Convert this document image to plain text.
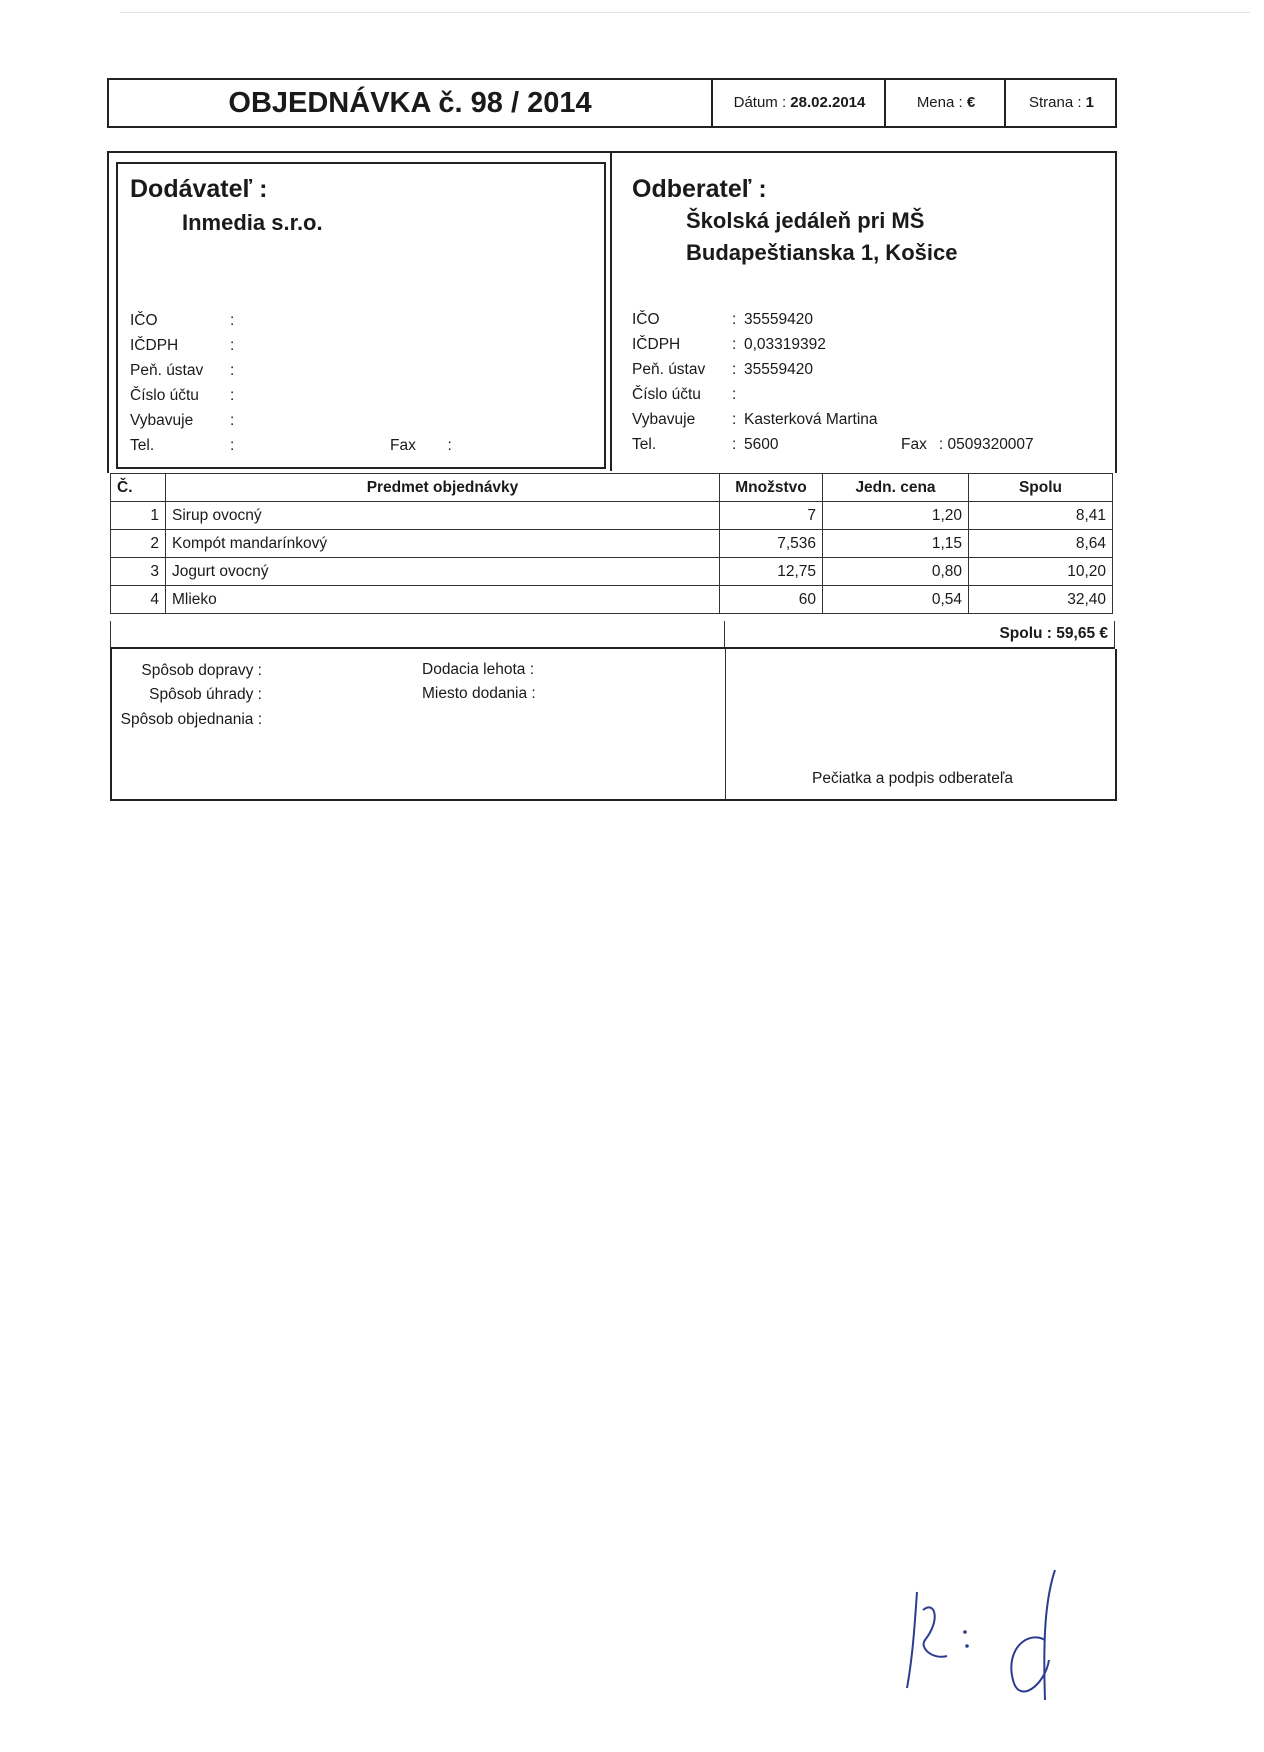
OBJEDNÁVKA č. 98 / 2014	Dátum : 28.02.2014	Mena : €	Strana : 1
Dodávateľ :
Inmedia s.r.o.
IČO	:
IČDPH	:
Peň. ústav :
Číslo účtu :
Vybavuje :
Tel.	:	Fax :
Odberateľ :
Školská jedáleň pri MŠ
Budapeštianska 1, Košice
IČO	: 35559420
IČDPH	: 0,03319392
Peň. ústav : 35559420
Číslo účtu :
Vybavuje : Kasterková Martina
Tel.	: 5600	Fax : 0509320007
Č.	Predmet objednávky	Množstvo	Jedn. cena	Spolu
1	Sirup ovocný	7	1,20	8,41
2	Kompót mandarínkový	7,536	1,15	8,64
3	Jogurt ovocný	12,75	0,80	10,20
4	Mlieko	60	0,54	32,40
Spolu : 59,65 €
Spôsob dopravy :
Spôsob úhrady :
Spôsob objednania :
Dodacia lehota :
Miesto dodania :
Pečiatka a podpis odberateľa
